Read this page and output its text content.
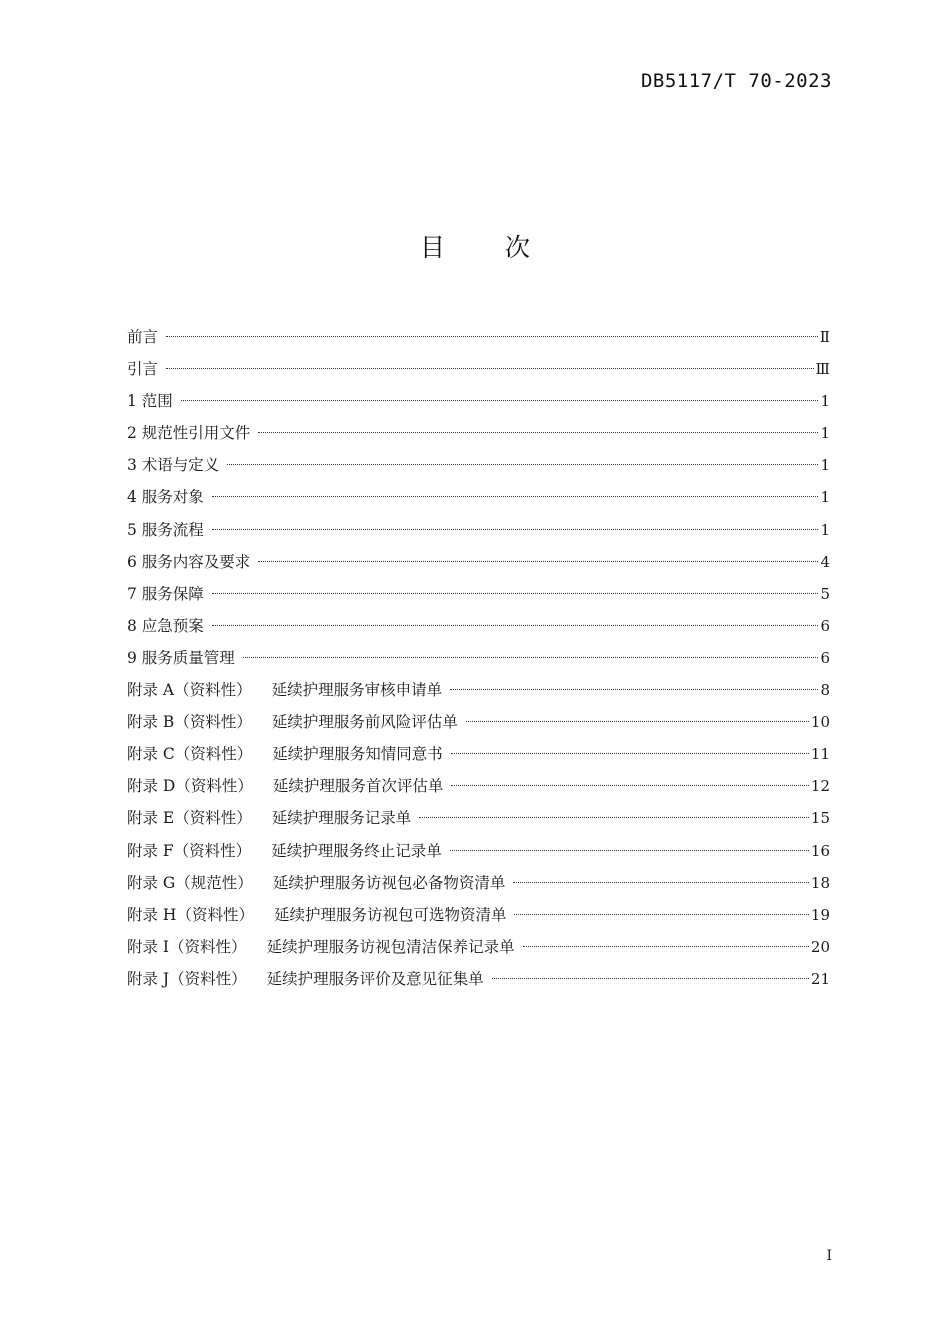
DB5117/T 70-2023
目 次
前言	Ⅱ
引言	Ⅲ
1 范围	1
2 规范性引用文件	1
3 术语与定义	1
4 服务对象	1
5 服务流程	1
6 服务内容及要求	4
7 服务保障	5
8 应急预案	6
9 服务质量管理	6
附录 A（资料性） 延续护理服务审核申请单	8
附录 B（资料性） 延续护理服务前风险评估单	10
附录 C（资料性） 延续护理服务知情同意书	11
附录 D（资料性） 延续护理服务首次评估单	12
附录 E（资料性） 延续护理服务记录单	15
附录 F（资料性） 延续护理服务终止记录单	16
附录 G（规范性） 延续护理服务访视包必备物资清单	18
附录 H（资料性） 延续护理服务访视包可选物资清单	19
附录 I（资料性） 延续护理服务访视包清洁保养记录单	20
附录 J（资料性） 延续护理服务评价及意见征集单	21
I
